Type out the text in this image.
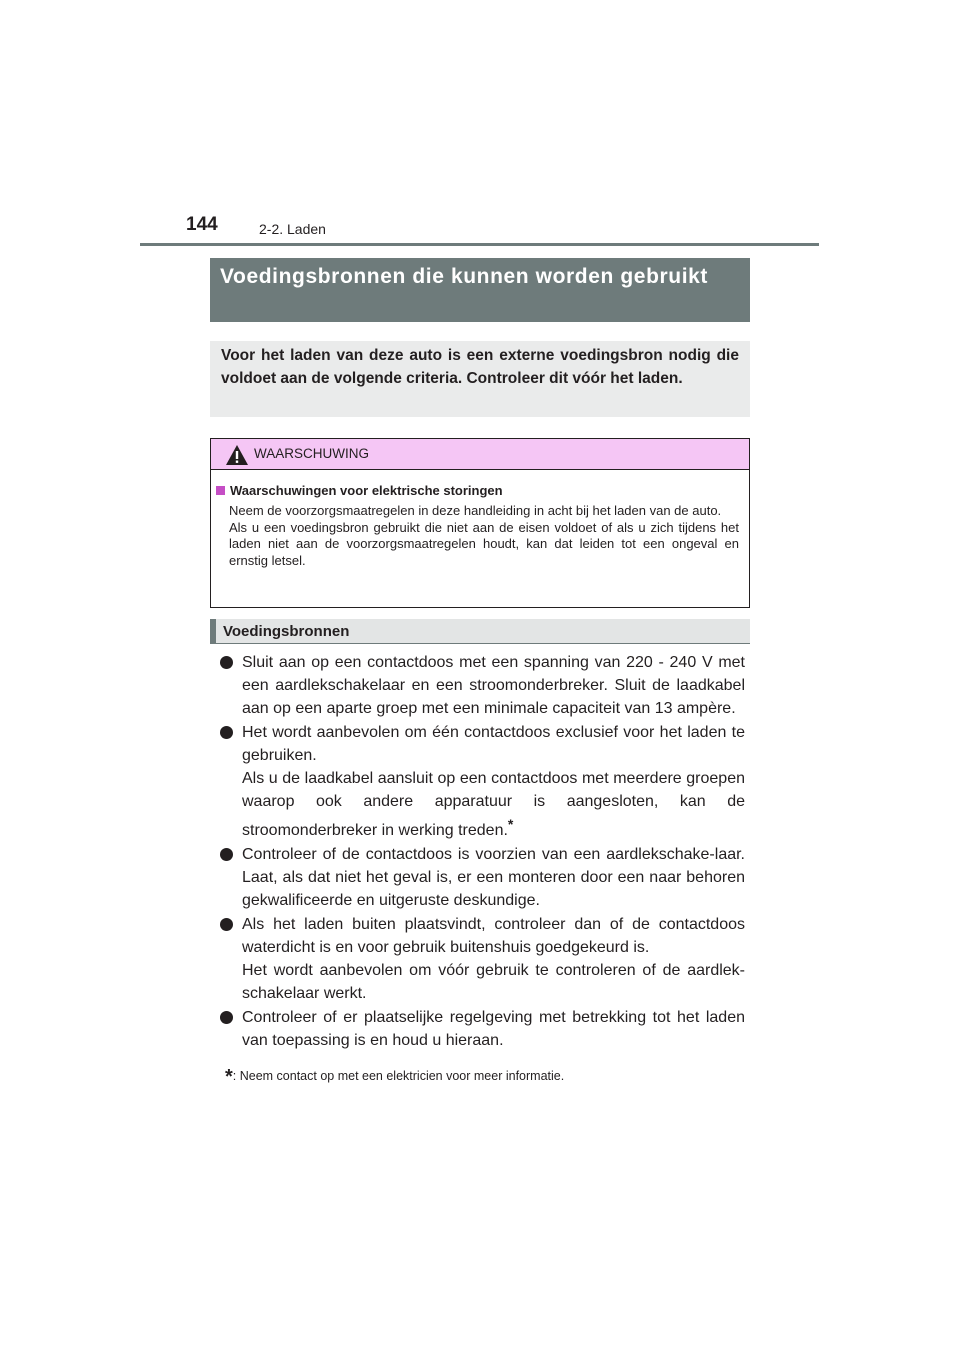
144	2-2. Laden
Voedingsbronnen die kunnen worden gebruikt
Voor het laden van deze auto is een externe voedingsbron nodig die voldoet aan de volgende criteria. Controleer dit vóór het laden.
WAARSCHUWING
Waarschuwingen voor elektrische storingen

Neem de voorzorgsmaatregelen in deze handleiding in acht bij het laden van de auto.

Als u een voedingsbron gebruikt die niet aan de eisen voldoet of als u zich tijdens het laden niet aan de voorzorgsmaatregelen houdt, kan dat leiden tot een ongeval en ernstig letsel.

Voedingsbronnen

Sluit aan op een contactdoos met een spanning van 220 - 240 V met een aardlekschakelaar en een stroomonderbreker. Sluit de laadkabel aan op een aparte groep met een minimale capaciteit van 13 ampère.

Het wordt aanbevolen om één contactdoos exclusief voor het laden te gebruiken.

Als u de laadkabel aansluit op een contactdoos met meerdere groepen waarop ook andere apparatuur is aangesloten, kan de stroomonderbreker in werking treden.*

Controleer of de contactdoos is voorzien van een aardlekschake-laar. Laat, als dat niet het geval is, er een monteren door een naar behoren gekwalificeerde en uitgeruste deskundige.

Als het laden buiten plaatsvindt, controleer dan of de contactdoos waterdicht is en voor gebruik buitenshuis goedgekeurd is.

Het wordt aanbevolen om vóór gebruik te controleren of de aardlek-schakelaar werkt.

Controleer of er plaatselijke regelgeving met betrekking tot het laden van toepassing is en houd u hieraan.

*: Neem contact op met een elektricien voor meer informatie.
